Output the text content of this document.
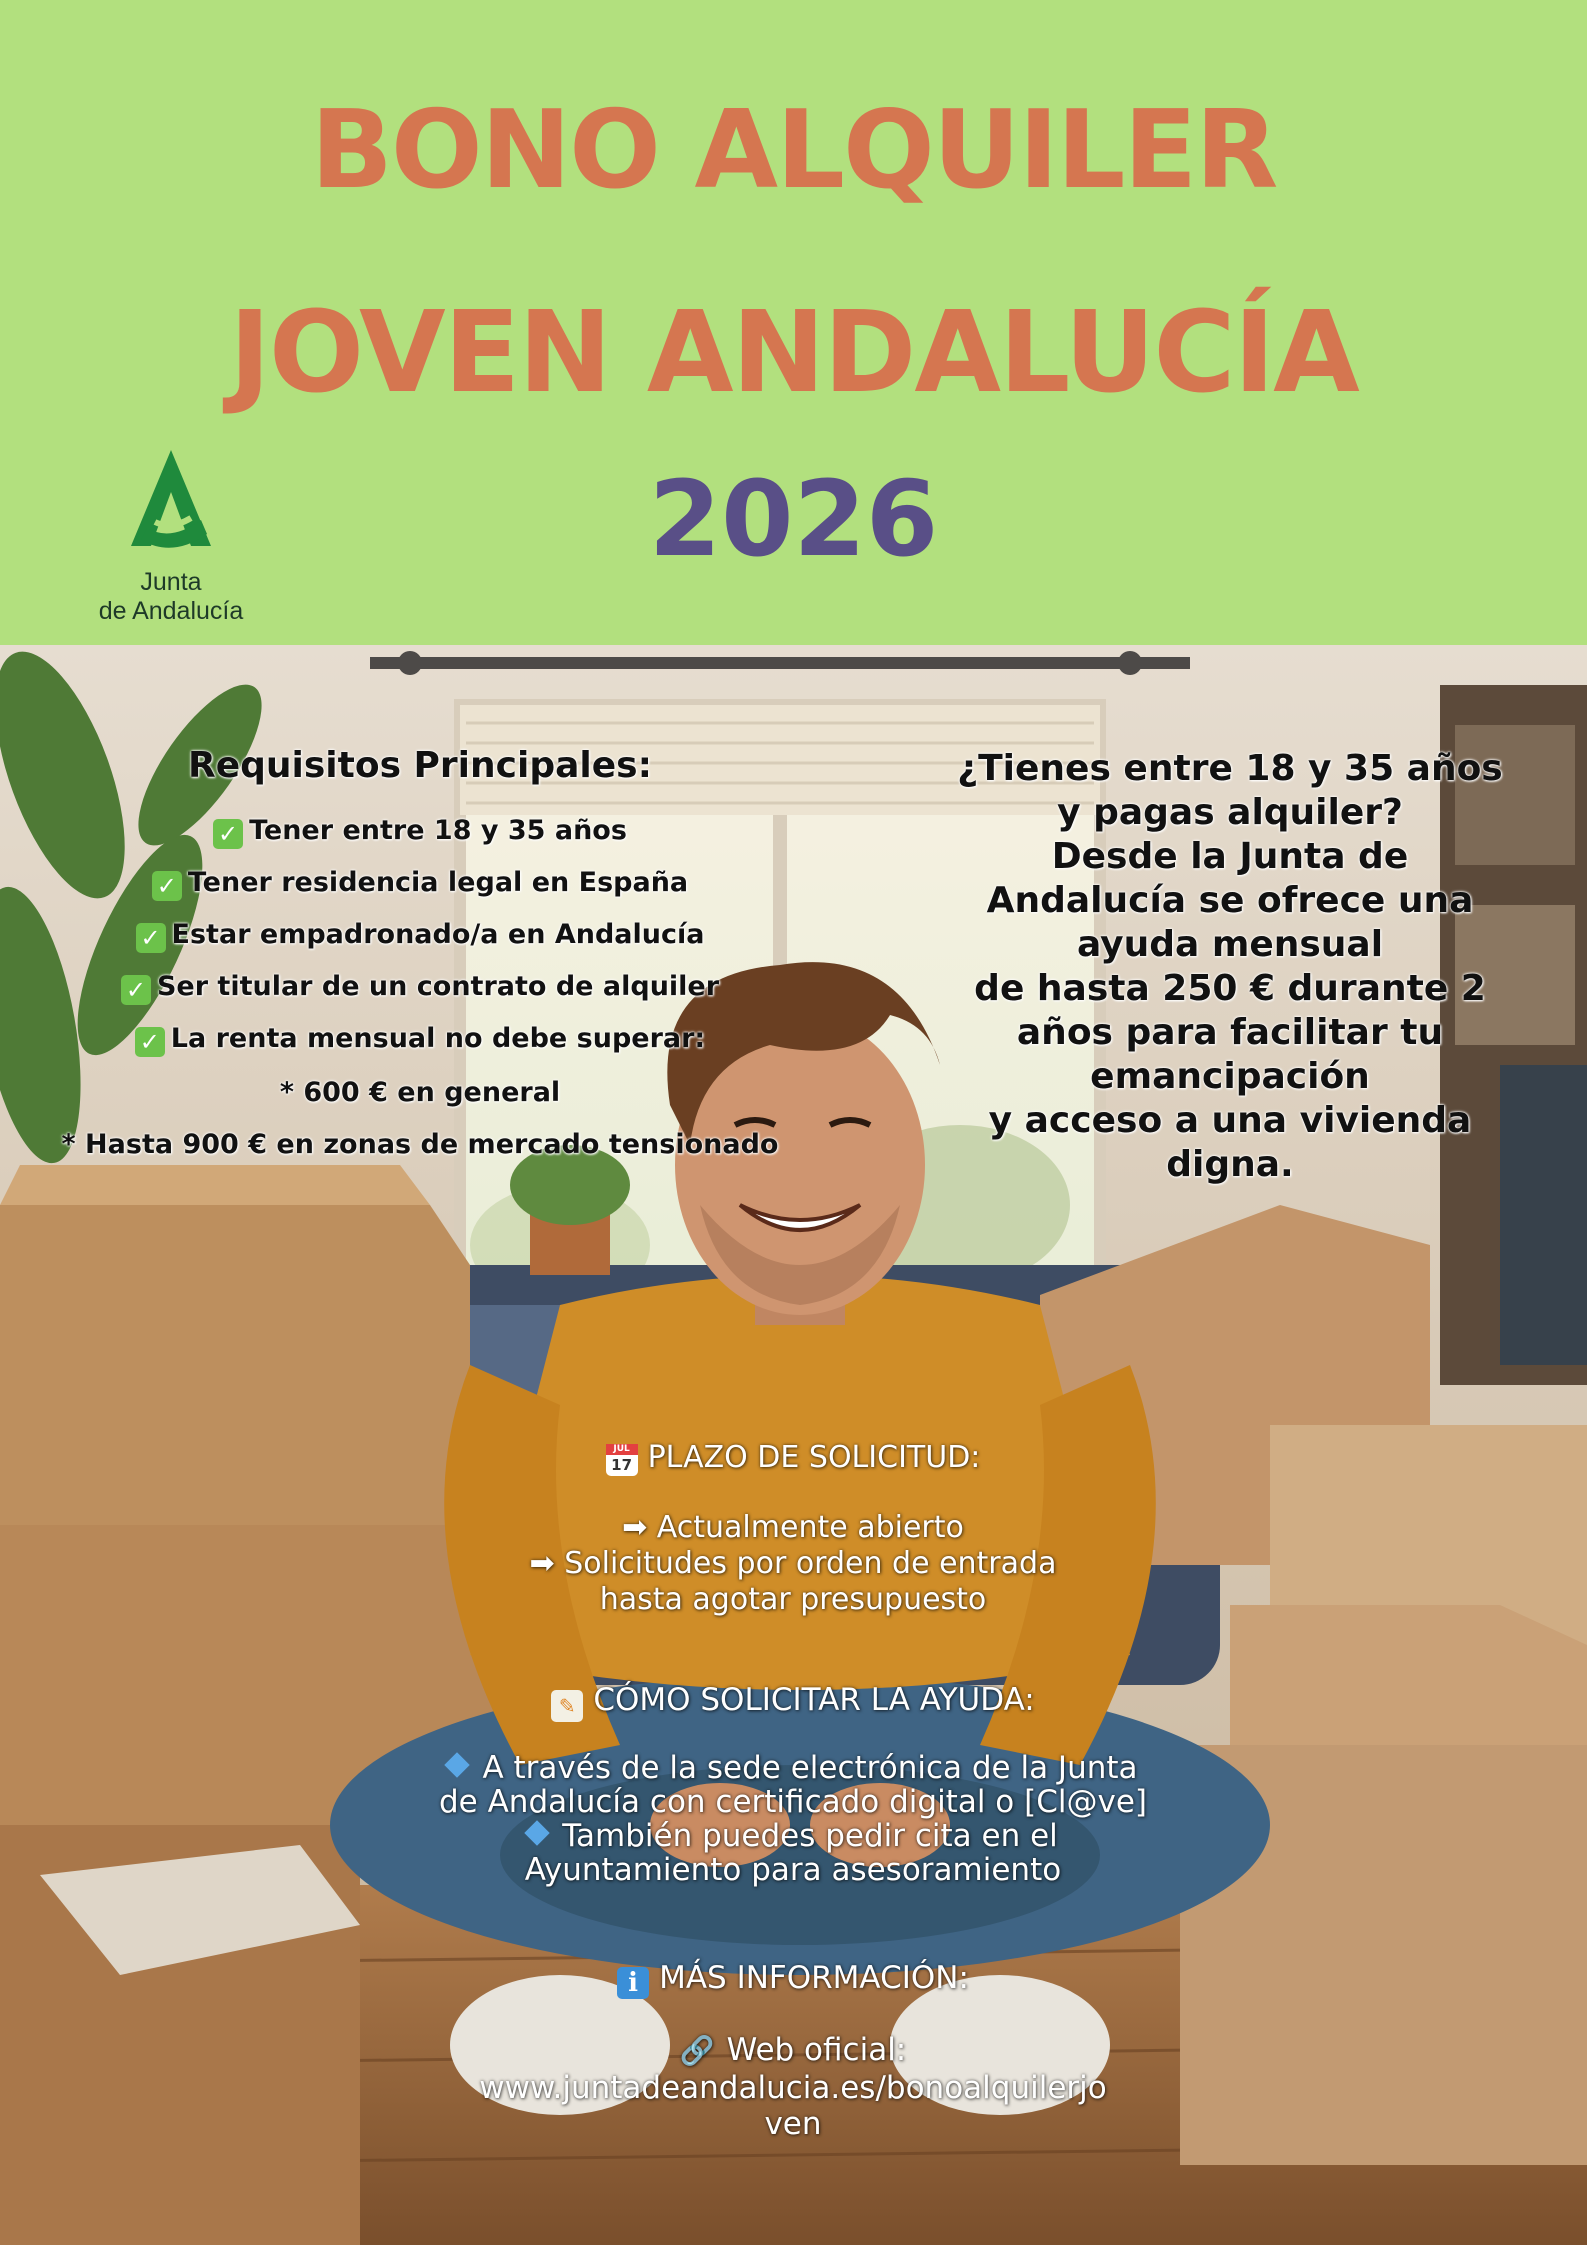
BONO ALQUILER
JOVEN ANDALUCÍA
2026
Junta
de Andalucía
Requisitos Principales:
✓ Tener entre 18 y 35 años
✓ Tener residencia legal en España
✓ Estar empadronado/a en Andalucía
✓ Ser titular de un contrato de alquiler
✓ La renta mensual no debe superar:
* 600 € en general
* Hasta 900 € en zonas de mercado tensionado
¿Tienes entre 18 y 35 años
y pagas alquiler?
Desde la Junta de
Andalucía se ofrece una
ayuda mensual
de hasta 250 € durante 2
años para facilitar tu
emancipación
y acceso a una vivienda
digna.
JUL
17 PLAZO DE SOLICITUD:
➡ Actualmente abierto
➡ Solicitudes por orden de entrada
hasta agotar presupuesto
✎ CÓMO SOLICITAR LA AYUDA:
A través de la sede electrónica de la Junta
de Andalucía con certificado digital o [Cl@ve]
También puedes pedir cita en el
Ayuntamiento para asesoramiento
i MÁS INFORMACIÓN:
🔗 Web oficial:
www.juntadeandalucia.es/bonoalquilerjo
ven
